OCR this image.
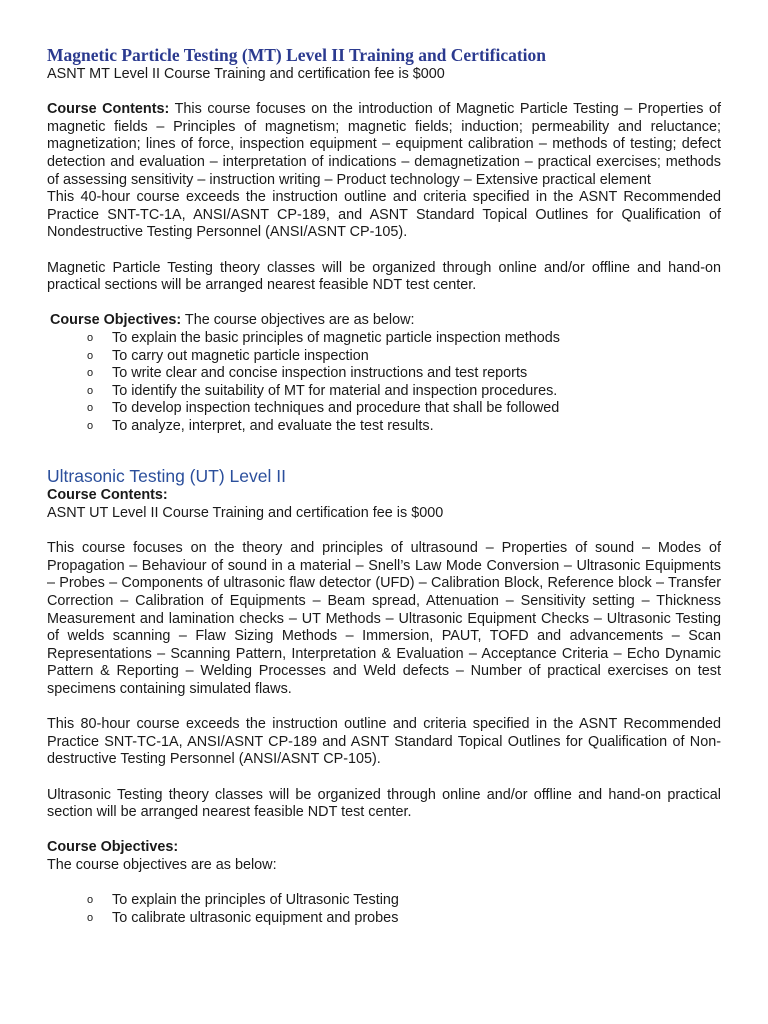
Magnetic Particle Testing (MT) Level II Training and Certification

ASNT MT Level II Course Training and certification fee is $000

Course Contents: This course focuses on the introduction of Magnetic Particle Testing – Properties of magnetic fields – Principles of magnetism; magnetic fields; induction; permeability and reluctance; magnetization; lines of force, inspection equipment – equipment calibration – methods of testing; defect detection and evaluation – interpretation of indications – demagnetization – practical exercises; methods of assessing sensitivity – instruction writing – Product technology – Extensive practical element

This 40-hour course exceeds the instruction outline and criteria specified in the ASNT Recommended Practice SNT-TC-1A, ANSI/ASNT CP-189, and ASNT Standard Topical Outlines for Qualification of Nondestructive Testing Personnel (ANSI/ASNT CP-105).

Magnetic Particle Testing theory classes will be organized through online and/or offline and hand-on practical sections will be arranged nearest feasible NDT test center.

Course Objectives: The course objectives are as below:

o To explain the basic principles of magnetic particle inspection methods
o To carry out magnetic particle inspection
o To write clear and concise inspection instructions and test reports
o To identify the suitability of MT for material and inspection procedures.
o To develop inspection techniques and procedure that shall be followed
o To analyze, interpret, and evaluate the test results.
Ultrasonic Testing (UT) Level II

Course Contents:

ASNT UT Level II Course Training and certification fee is $000

This course focuses on the theory and principles of ultrasound – Properties of sound – Modes of Propagation – Behaviour of sound in a material – Snell’s Law Mode Conversion – Ultrasonic Equipments – Probes – Components of ultrasonic flaw detector (UFD) – Calibration Block, Reference block – Transfer Correction – Calibration of Equipments – Beam spread, Attenuation – Sensitivity setting – Thickness Measurement and lamination checks – UT Methods – Ultrasonic Equipment Checks – Ultrasonic Testing of welds scanning – Flaw Sizing Methods – Immersion, PAUT, TOFD and advancements – Scan Representations – Scanning Pattern, Interpretation & Evaluation – Acceptance Criteria – Echo Dynamic Pattern & Reporting – Welding Processes and Weld defects – Number of practical exercises on test specimens containing simulated flaws.

This 80-hour course exceeds the instruction outline and criteria specified in the ASNT Recommended Practice SNT-TC-1A, ANSI/ASNT CP-189 and ASNT Standard Topical Outlines for Qualification of Non-destructive Testing Personnel (ANSI/ASNT CP-105).

Ultrasonic Testing theory classes will be organized through online and/or offline and hand-on practical section will be arranged nearest feasible NDT test center.

Course Objectives:

The course objectives are as below:

o To explain the principles of Ultrasonic Testing
o To calibrate ultrasonic equipment and probes
